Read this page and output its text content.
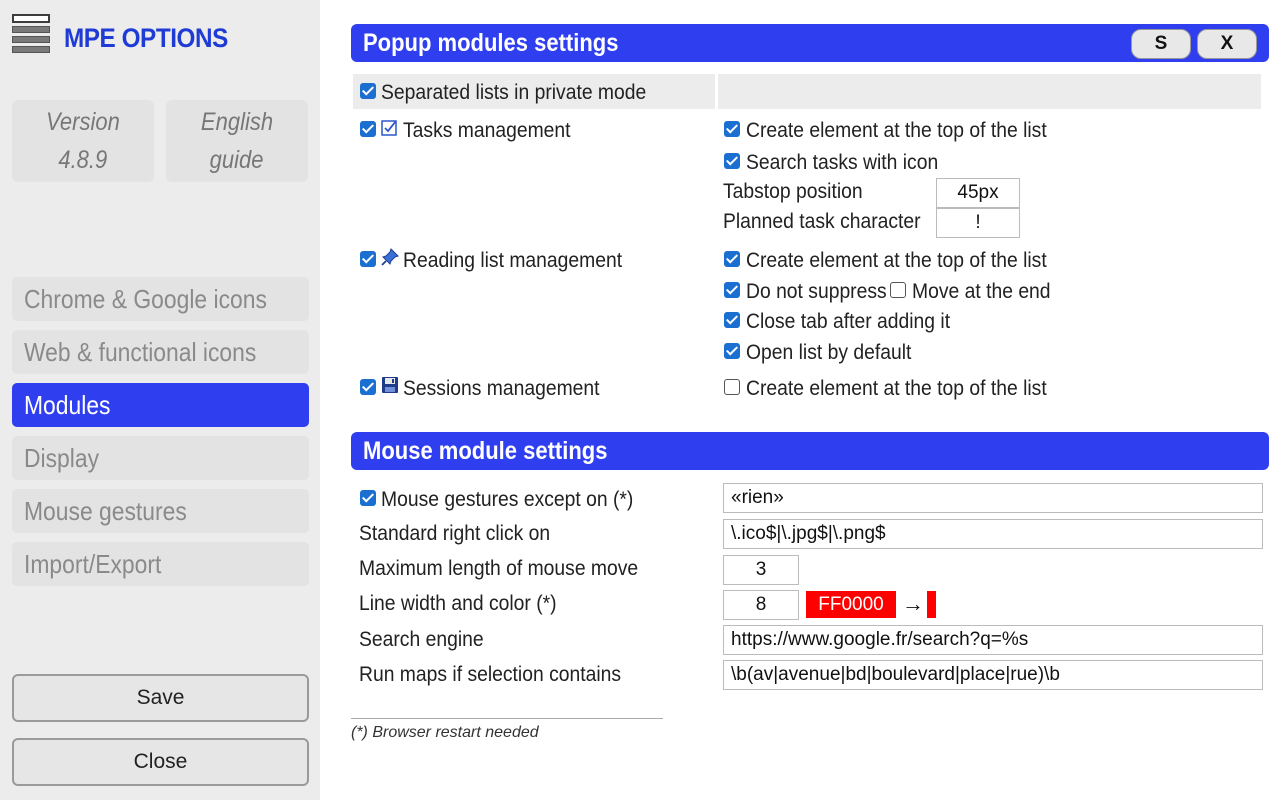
MPE OPTIONS
Version
4.8.9
English
guide
Chrome & Google icons
Web & functional icons
Modules
Display
Mouse gestures
Import/Export
Save
Close
Popup modules settings	S	X
Separated lists in private mode
Tasks management	Create element at the top of the list
Search tasks with icon
Tabstop position	45px
Planned task character	!
Reading list management	Create element at the top of the list
Do not suppress	Move at the end
Close tab after adding it
Open list by default
Sessions management	Create element at the top of the list
Mouse module settings
Mouse gestures except on (*)	«rien»
Standard right click on	\.ico$|\.jpg$|\.png$
Maximum length of mouse move	3
Line width and color (*)	8	FF0000 →
Search engine	https://www.google.fr/search?q=%s
Run maps if selection contains	\b(av|avenue|bd|boulevard|place|rue)\b
(*) Browser restart needed
